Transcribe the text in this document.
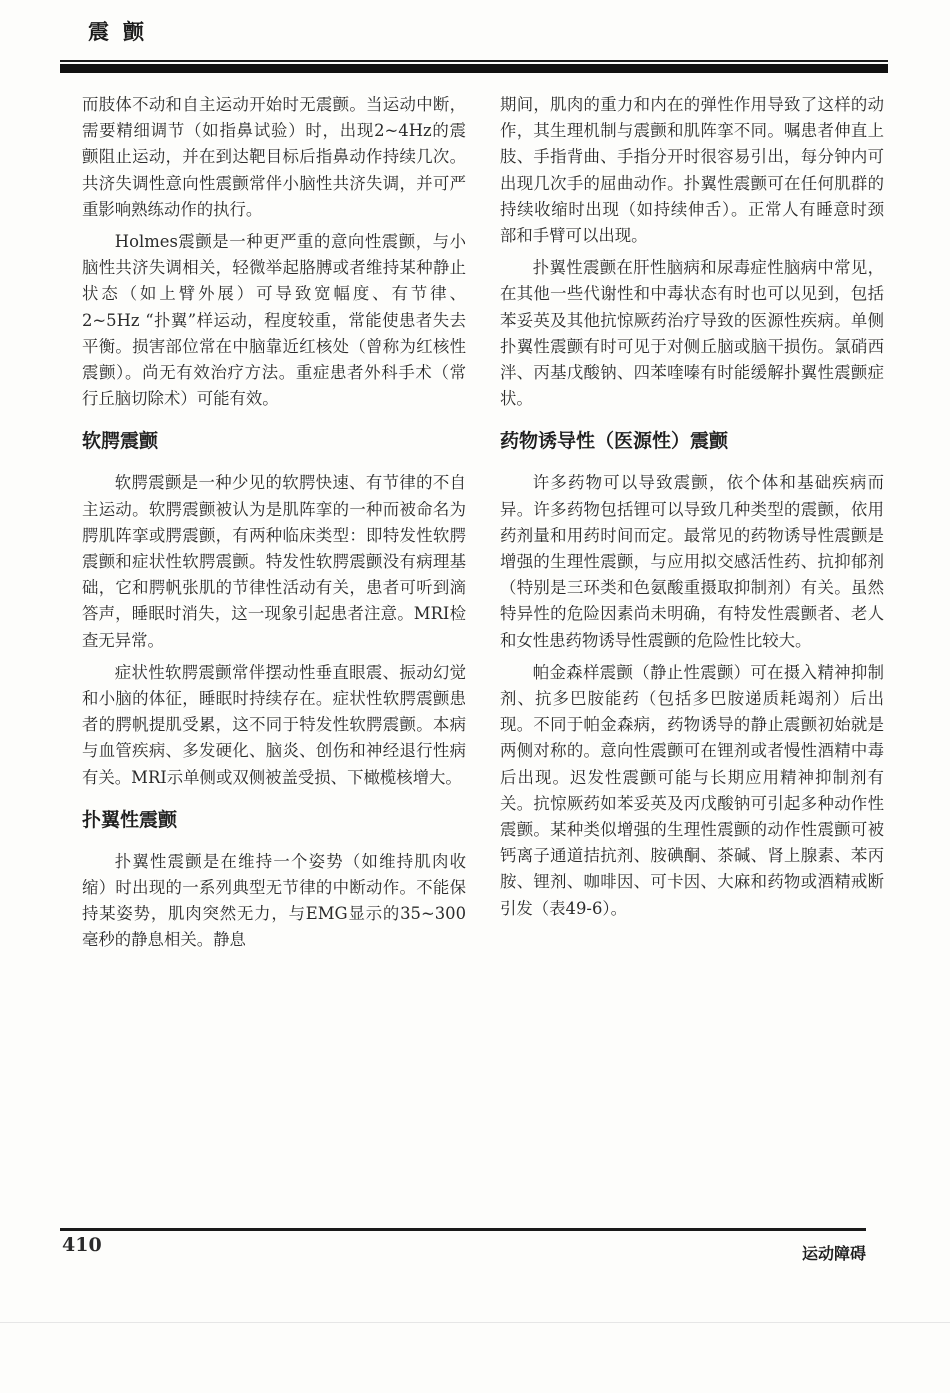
震颤

而肢体不动和自主运动开始时无震颤。当运动中断，需要精细调节（如指鼻试验）时，出现2~4Hz的震颤阻止运动，并在到达靶目标后指鼻动作持续几次。共济失调性意向性震颤常伴小脑性共济失调，并可严重影响熟练动作的执行。

Holmes震颤是一种更严重的意向性震颤，与小脑性共济失调相关，轻微举起胳膊或者维持某种静止状态（如上臂外展）可导致宽幅度、有节律、2~5Hz “扑翼”样运动，程度较重，常能使患者失去平衡。损害部位常在中脑靠近红核处（曾称为红核性震颤）。尚无有效治疗方法。重症患者外科手术（常行丘脑切除术）可能有效。

软腭震颤

软腭震颤是一种少见的软腭快速、有节律的不自主运动。软腭震颤被认为是肌阵挛的一种而被命名为腭肌阵挛或腭震颤，有两种临床类型：即特发性软腭震颤和症状性软腭震颤。特发性软腭震颤没有病理基础，它和腭帆张肌的节律性活动有关，患者可听到滴答声，睡眠时消失，这一现象引起患者注意。MRI检查无异常。

症状性软腭震颤常伴摆动性垂直眼震、振动幻觉和小脑的体征，睡眠时持续存在。症状性软腭震颤患者的腭帆提肌受累，这不同于特发性软腭震颤。本病与血管疾病、多发硬化、脑炎、创伤和神经退行性病有关。MRI示单侧或双侧被盖受损、下橄榄核增大。

扑翼性震颤

扑翼性震颤是在维持一个姿势（如维持肌肉收缩）时出现的一系列典型无节律的中断动作。不能保持某姿势，肌肉突然无力，与EMG显示的35~300毫秒的静息相关。静息

期间，肌肉的重力和内在的弹性作用导致了这样的动作，其生理机制与震颤和肌阵挛不同。嘱患者伸直上肢、手指背曲、手指分开时很容易引出，每分钟内可出现几次手的屈曲动作。扑翼性震颤可在任何肌群的持续收缩时出现（如持续伸舌）。正常人有睡意时颈部和手臂可以出现。

扑翼性震颤在肝性脑病和尿毒症性脑病中常见，在其他一些代谢性和中毒状态有时也可以见到，包括苯妥英及其他抗惊厥药治疗导致的医源性疾病。单侧扑翼性震颤有时可见于对侧丘脑或脑干损伤。氯硝西泮、丙基戊酸钠、四苯喹嗪有时能缓解扑翼性震颤症状。

药物诱导性（医源性）震颤

许多药物可以导致震颤，依个体和基础疾病而异。许多药物包括锂可以导致几种类型的震颤，依用药剂量和用药时间而定。最常见的药物诱导性震颤是增强的生理性震颤，与应用拟交感活性药、抗抑郁剂（特别是三环类和色氨酸重摄取抑制剂）有关。虽然特异性的危险因素尚未明确，有特发性震颤者、老人和女性患药物诱导性震颤的危险性比较大。

帕金森样震颤（静止性震颤）可在摄入精神抑制剂、抗多巴胺能药（包括多巴胺递质耗竭剂）后出现。不同于帕金森病，药物诱导的静止震颤初始就是两侧对称的。意向性震颤可在锂剂或者慢性酒精中毒后出现。迟发性震颤可能与长期应用精神抑制剂有关。抗惊厥药如苯妥英及丙戊酸钠可引起多种动作性震颤。某种类似增强的生理性震颤的动作性震颤可被钙离子通道拮抗剂、胺碘酮、茶碱、肾上腺素、苯丙胺、锂剂、咖啡因、可卡因、大麻和药物或酒精戒断引发（表49-6）。

410	运动障碍
